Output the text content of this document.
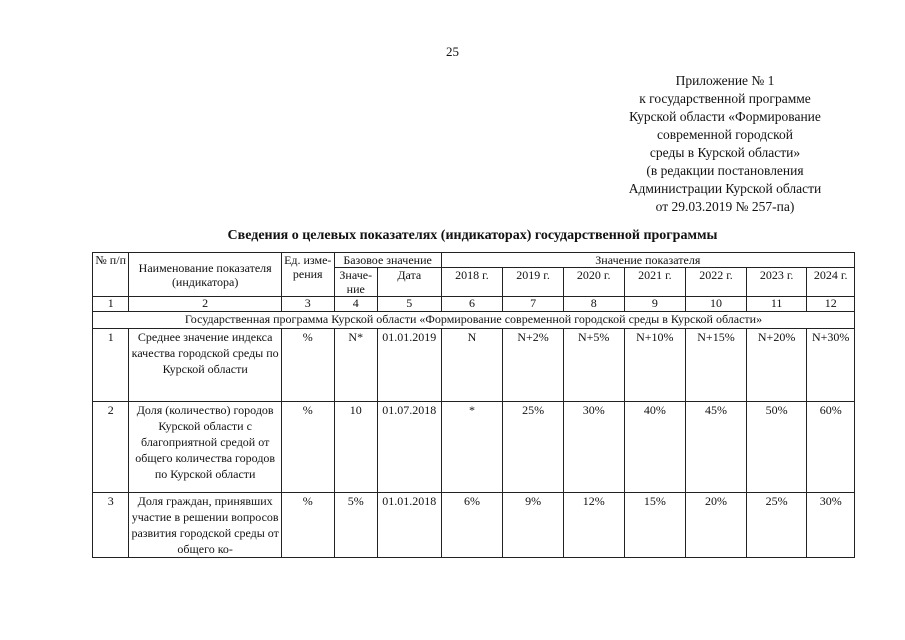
25
Приложение № 1
к государственной программе
Курской области «Формирование
современной городской
среды в Курской области»
(в редакции постановления
Администрации Курской области
от 29.03.2019 № 257-па)
Сведения о целевых показателях (индикаторах) государственной программы
№ п/п	Наименование показателя (индикатора)	Ед. изме-рения	Базовое значение		Значение показателя						
			Значе-ние	Дата	2018 г.	2019 г.	2020 г.	2021 г.	2022 г.	2023 г.	2024 г.
1	2	3	4	5	6	7	8	9	10	11	12
Государственная программа Курской области «Формирование современной городской среды в Курской области»											
1	Среднее значение индекса качества городской среды по Курской области	%	N*	01.01.2019	N	N+2%	N+5%	N+10%	N+15%	N+20%	N+30%
2	Доля (количество) городов Курской области с благоприятной средой от общего количества городов по Курской области	%	10	01.07.2018	*	25%	30%	40%	45%	50%	60%
3	Доля граждан, принявших участие в решении вопросов развития городской среды от общего ко-	%	5%	01.01.2018	6%	9%	12%	15%	20%	25%	30%
